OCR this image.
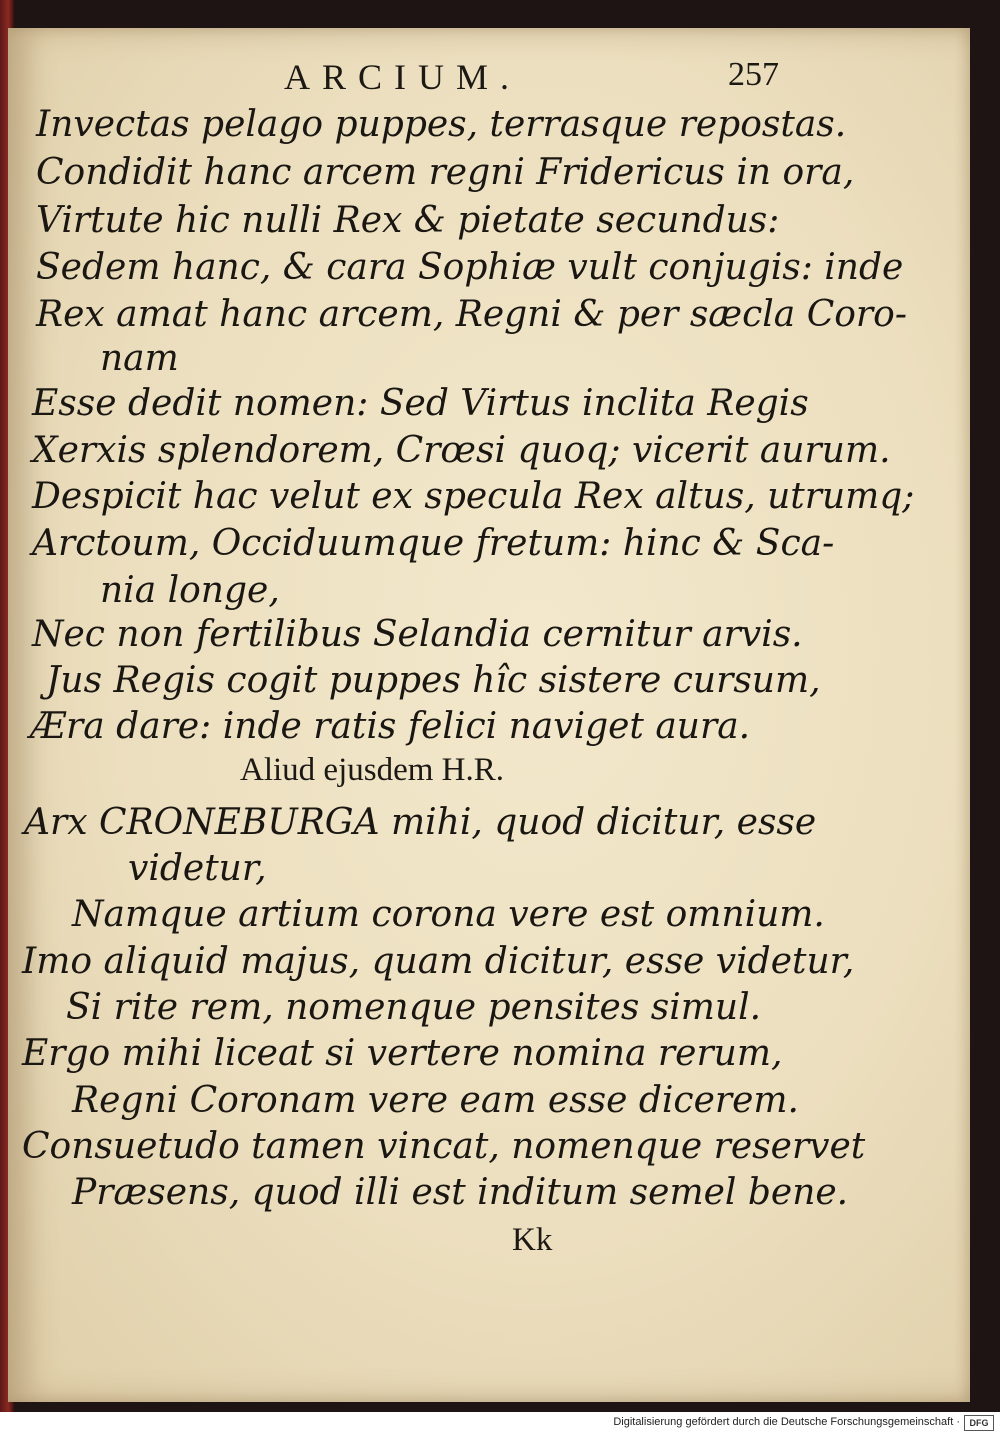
ARCIUM.	257
Invectas pelago puppes, terrasque repostas.
Condidit hanc arcem regni Fridericus in ora,
Virtute hic nulli Rex & pietate secundus:
Sedem hanc, & cara Sophiæ vult conjugis: inde
Rex amat hanc arcem, Regni & per sæcla Coro-
nam
Esse dedit nomen: Sed Virtus inclita Regis
Xerxis splendorem, Crœsi quoq; vicerit aurum.
Despicit hac velut ex specula Rex altus, utrumq;
Arctoum, Occiduumque fretum: hinc & Sca-
nia longe,
Nec non fertilibus Selandia cernitur arvis.
Jus Regis cogit puppes hîc sistere cursum,
Æra dare: inde ratis felici naviget aura.
Aliud ejusdem H.R.
Arx CRONEBURGA mihi, quod dicitur, esse
videtur,
Namque artium corona vere est omnium.
Imo aliquid majus, quam dicitur, esse videtur,
Si rite rem, nomenque pensites simul.
Ergo mihi liceat si vertere nomina rerum,
Regni Coronam vere eam esse dicerem.
Consuetudo tamen vincat, nomenque reservet
Præsens, quod illi est inditum semel bene.
Kk
Digitalisierung gefördert durch die Deutsche Forschungsgemeinschaft ·	DFG
